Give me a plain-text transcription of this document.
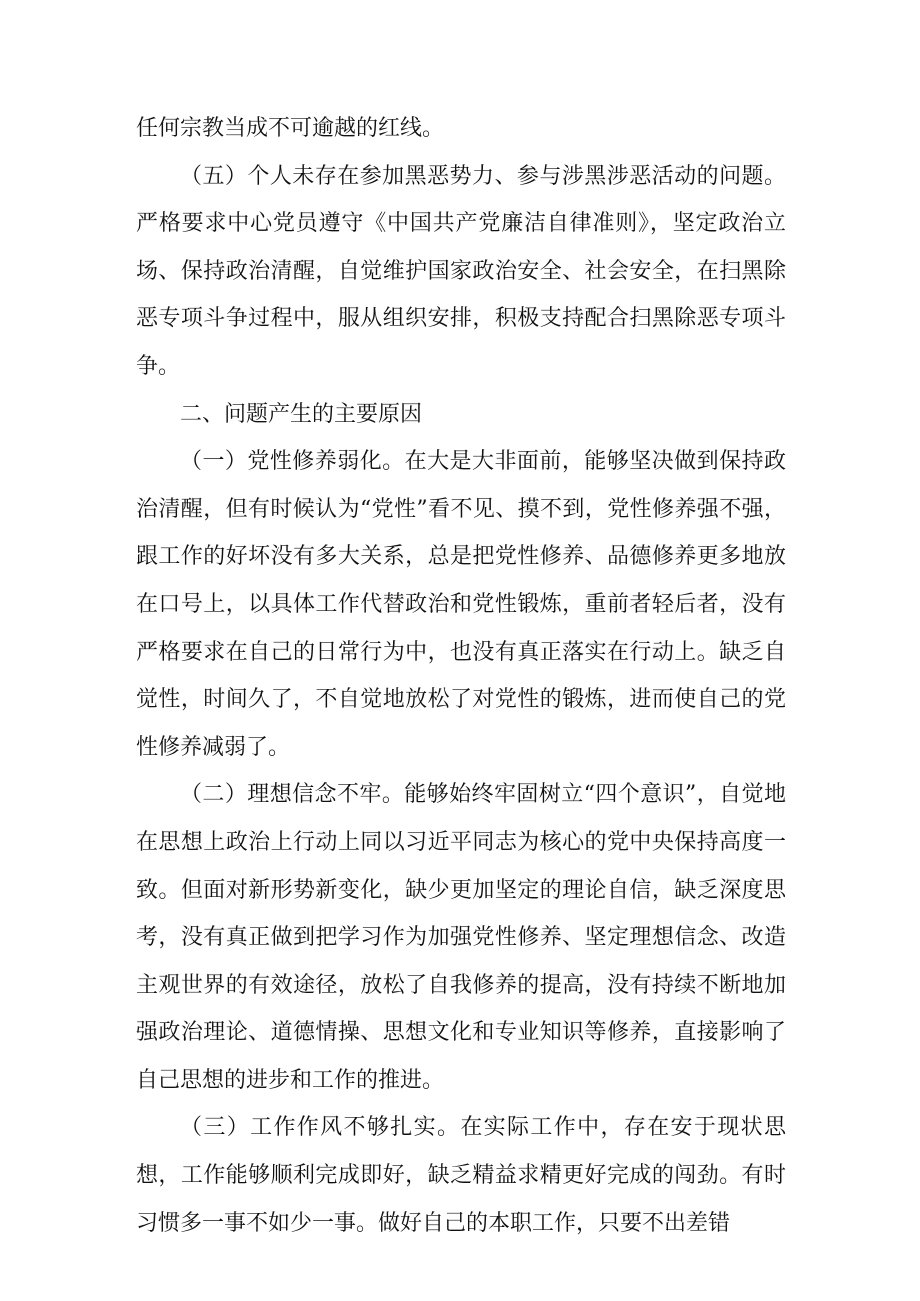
任何宗教当成不可逾越的红线。

（五）个人未存在参加黑恶势力、参与涉黑涉恶活动的问题。严格要求中心党员遵守《中国共产党廉洁自律准则》，坚定政治立场、保持政治清醒，自觉维护国家政治安全、社会安全，在扫黑除恶专项斗争过程中，服从组织安排，积极支持配合扫黑除恶专项斗争。

二、问题产生的主要原因

（一）党性修养弱化。在大是大非面前，能够坚决做到保持政治清醒，但有时候认为“党性”看不见、摸不到，党性修养强不强，跟工作的好坏没有多大关系，总是把党性修养、品德修养更多地放在口号上，以具体工作代替政治和党性锻炼，重前者轻后者，没有严格要求在自己的日常行为中，也没有真正落实在行动上。缺乏自觉性，时间久了，不自觉地放松了对党性的锻炼，进而使自己的党性修养减弱了。

（二）理想信念不牢。能够始终牢固树立“四个意识”，自觉地在思想上政治上行动上同以习近平同志为核心的党中央保持高度一致。但面对新形势新变化，缺少更加坚定的理论自信，缺乏深度思考，没有真正做到把学习作为加强党性修养、坚定理想信念、改造主观世界的有效途径，放松了自我修养的提高，没有持续不断地加强政治理论、道德情操、思想文化和专业知识等修养，直接影响了自己思想的进步和工作的推进。

（三）工作作风不够扎实。在实际工作中，存在安于现状思想，工作能够顺利完成即好，缺乏精益求精更好完成的闯劲。有时习惯多一事不如少一事。做好自己的本职工作，只要不出差错
